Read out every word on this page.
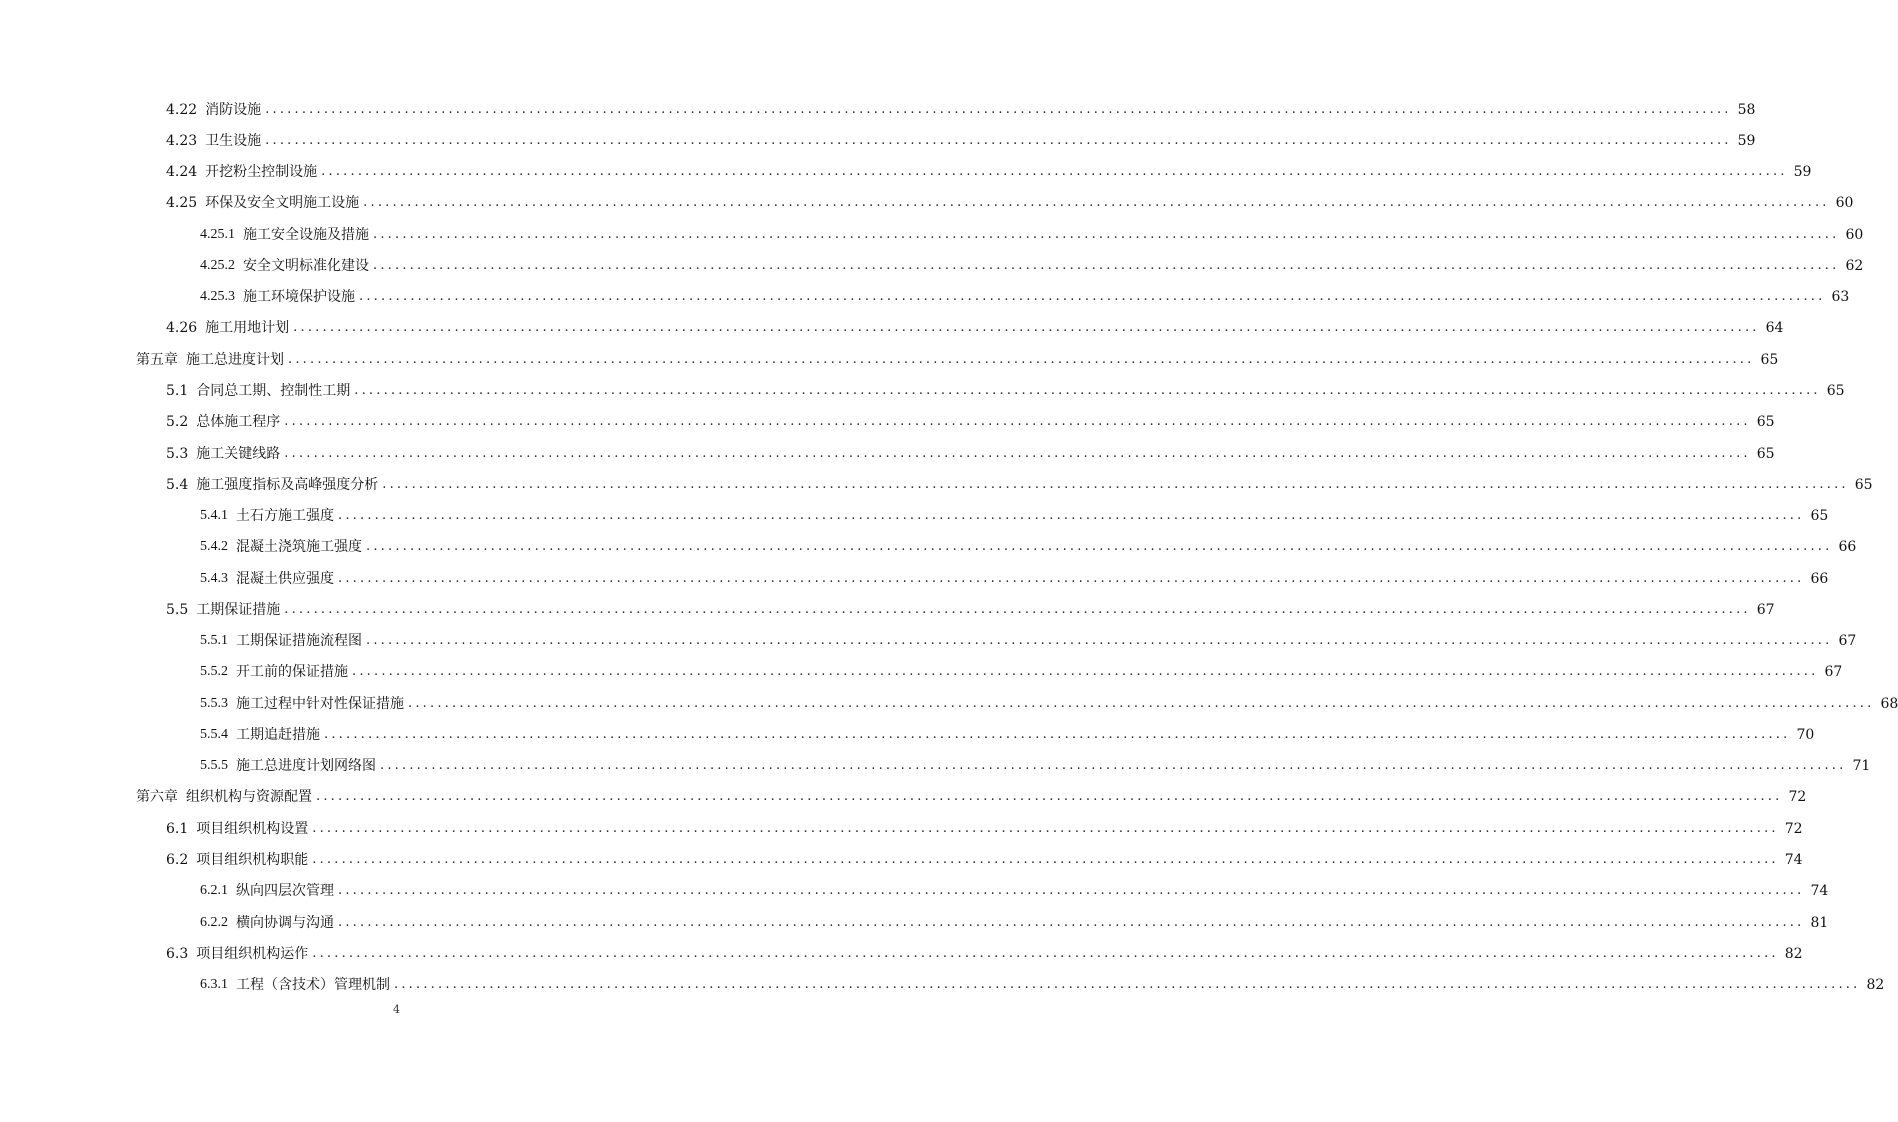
4.22 消防设施 ........................................................................................................................................................................................................ 58
4.23 卫生设施 ........................................................................................................................................................................................................ 59
4.24 开挖粉尘控制设施 ........................................................................................................................................................................................................ 59
4.25 环保及安全文明施工设施 ........................................................................................................................................................................................................ 60
4.25.1 施工安全设施及措施 ........................................................................................................................................................................................................ 60
4.25.2 安全文明标准化建设 ........................................................................................................................................................................................................ 62
4.25.3 施工环境保护设施 ........................................................................................................................................................................................................ 63
4.26 施工用地计划 ........................................................................................................................................................................................................ 64
第五章 施工总进度计划 ........................................................................................................................................................................................................ 65
5.1 合同总工期、控制性工期 ........................................................................................................................................................................................................ 65
5.2 总体施工程序 ........................................................................................................................................................................................................ 65
5.3 施工关键线路 ........................................................................................................................................................................................................ 65
5.4 施工强度指标及高峰强度分析 ........................................................................................................................................................................................................ 65
5.4.1 土石方施工强度 ........................................................................................................................................................................................................ 65
5.4.2 混凝土浇筑施工强度 ........................................................................................................................................................................................................ 66
5.4.3 混凝土供应强度 ........................................................................................................................................................................................................ 66
5.5 工期保证措施 ........................................................................................................................................................................................................ 67
5.5.1 工期保证措施流程图 ........................................................................................................................................................................................................ 67
5.5.2 开工前的保证措施 ........................................................................................................................................................................................................ 67
5.5.3 施工过程中针对性保证措施 ........................................................................................................................................................................................................ 68
5.5.4 工期追赶措施 ........................................................................................................................................................................................................ 70
5.5.5 施工总进度计划网络图 ........................................................................................................................................................................................................ 71
第六章 组织机构与资源配置 ........................................................................................................................................................................................................ 72
6.1 项目组织机构设置 ........................................................................................................................................................................................................ 72
6.2 项目组织机构职能 ........................................................................................................................................................................................................ 74
6.2.1 纵向四层次管理 ........................................................................................................................................................................................................ 74
6.2.2 横向协调与沟通 ........................................................................................................................................................................................................ 81
6.3 项目组织机构运作 ........................................................................................................................................................................................................ 82
6.3.1 工程（含技术）管理机制 ........................................................................................................................................................................................................ 82
4
